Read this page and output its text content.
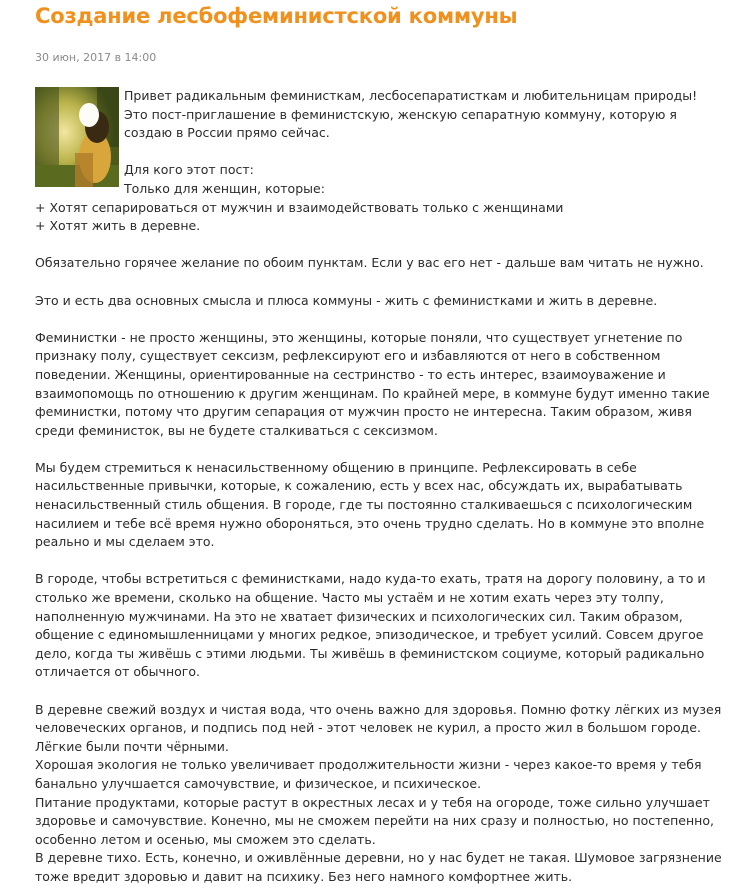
Создание лесбофеминистской коммуны
30 июн, 2017 в 14:00

Привет радикальным феминисткам, лесбосепаратисткам и любительницам природы!

Это пост-приглашение в феминистскую, женскую сепаратную коммуну, которую я создаю в России прямо сейчас.

Для кого этот пост:

Только для женщин, которые:

+ Хотят сепарироваться от мужчин и взаимодействовать только с женщинами

+ Хотят жить в деревне.

Обязательно горячее желание по обоим пунктам. Если у вас его нет - дальше вам читать не нужно.

Это и есть два основных смысла и плюса коммуны - жить с феминистками и жить в деревне.

Феминистки - не просто женщины, это женщины, которые поняли, что существует угнетение по признаку полу, существует сексизм, рефлексируют его и избавляются от него в собственном поведении. Женщины, ориентированные на сестринство - то есть интерес, взаимоуважение и взаимопомощь по отношению к другим женщинам. По крайней мере, в коммуне будут именно такие феминистки, потому что другим сепарация от мужчин просто не интересна. Таким образом, живя среди феминисток, вы не будете сталкиваться с сексизмом.

Мы будем стремиться к ненасильственному общению в принципе. Рефлексировать в себе насильственные привычки, которые, к сожалению, есть у всех нас, обсуждать их, вырабатывать ненасильственный стиль общения. В городе, где ты постоянно сталкиваешься с психологическим насилием и тебе всё время нужно обороняться, это очень трудно сделать. Но в коммуне это вполне реально и мы сделаем это.

В городе, чтобы встретиться с феминистками, надо куда-то ехать, тратя на дорогу половину, а то и столько же времени, сколько на общение. Часто мы устаём и не хотим ехать через эту толпу, наполненную мужчинами. На это не хватает физических и психологических сил. Таким образом, общение с единомышленницами у многих редкое, эпизодическое, и требует усилий. Совсем другое дело, когда ты живёшь с этими людьми. Ты живёшь в феминистском социуме, который радикально отличается от обычного.

В деревне свежий воздух и чистая вода, что очень важно для здоровья. Помню фотку лёгких из музея человеческих органов, и подпись под ней - этот человек не курил, а просто жил в большом городе. Лёгкие были почти чёрными.

Хорошая экология не только увеличивает продолжительности жизни - через какое-то время у тебя банально улучшается самочувствие, и физическое, и психическое.

Питание продуктами, которые растут в окрестных лесах и у тебя на огороде, тоже сильно улучшает здоровье и самочувствие. Конечно, мы не сможем перейти на них сразу и полностью, но постепенно, особенно летом и осенью, мы сможем это сделать.

В деревне тихо. Есть, конечно, и оживлённые деревни, но у нас будет не такая. Шумовое загрязнение тоже вредит здоровью и давит на психику. Без него намного комфортнее жить.
